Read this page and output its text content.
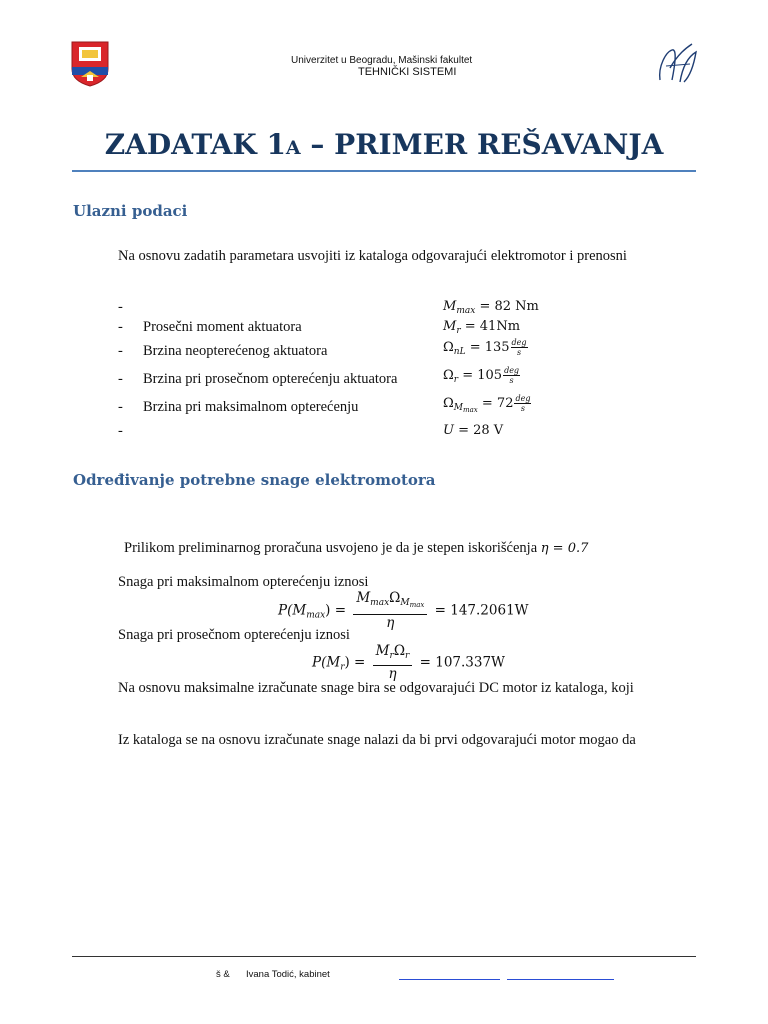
Univerzitet u Beogradu, Mašinski fakultet
TEHNIČKI SISTEMI
ZADATAK 1A – PRIMER REŠAVANJA
Ulazni podaci
Na osnovu zadatih parametara usvojiti iz kataloga odgovarajući elektromotor i prenosni
-	$M_{max} = 82$ Nm
- Prosečni moment aktuatora	$M_r = 41Nm$
- Brzina neopterećenog aktuatora	$\Omega_{nL} = 135 \frac{\text{deg}}{s}$
- Brzina pri prosečnom opterećenju aktuatora	$\Omega_r = 105 \frac{\text{deg}}{s}$
- Brzina pri maksimalnom opterećenju	$\Omega_{M_{max}} = 72 \frac{\text{deg}}{s}$
-	U = 28 V
Određivanje potrebne snage elektromotora
Prilikom preliminarnog proračuna usvojeno je da je stepen iskorišćenja η = 0.7
Snaga pri maksimalnom opterećenju iznosi
$P(M_{max}) = \frac{M_{max}\Omega_{M_{max}}}{\eta} = 147.2061W$
Snaga pri prosečnom opterećenju iznosi
$P(M_r) = \frac{M_r\Omega_r}{\eta} = 107.337W$
Na osnovu maksimalne izračunate snage bira se odgovarajući DC motor iz kataloga, koji
Iz kataloga se na osnovu izračunate snage nalazi da bi prvi odgovarajući motor mogao da
š & Ivana Todić, kabinet
